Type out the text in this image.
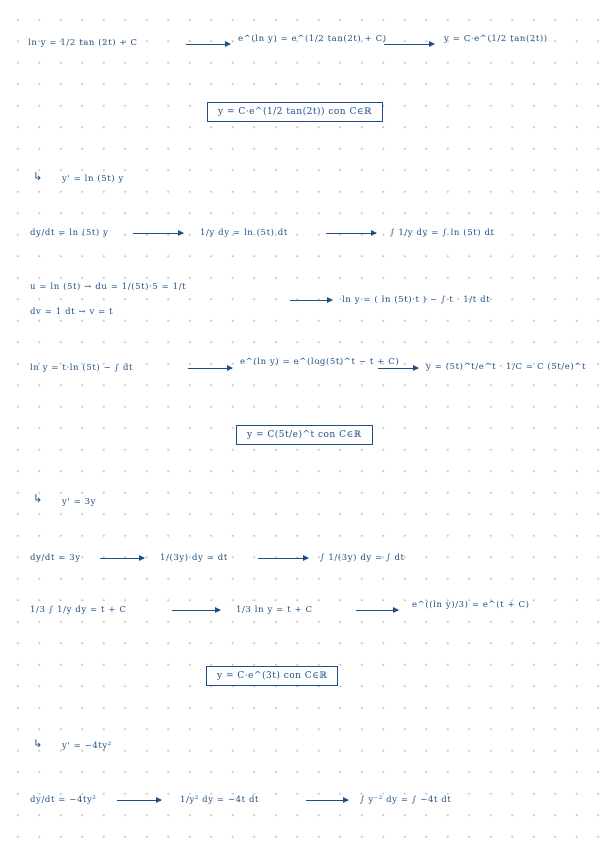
ln y = 1/2 tan (2t) + C	e^(ln y) = e^(1/2 tan(2t) + C)	y = C·e^(1/2 tan(2t))
y = C·e^(1/2 tan(2t)) con C∈ℝ
↳ y' = ln (5t) y
dy/dt = ln (5t) y	1/y dy = ln (5t) dt	∫ 1/y dy = ∫ ln (5t) dt
u = ln (5t) → du = 1/(5t)·5 = 1/t
dv = 1 dt → v = t
ln y = ( ln (5t)·t ) − ∫ t · 1/t dt
ln y = t·ln (5t) − ∫ dt
e^(ln y) = e^(log(5t)^t − t + C)	y = (5t)^t/e^t · 1/C = C (5t/e)^t
y = C(5t/e)^t con C∈ℝ
↳ y' = 3y
dy/dt = 3y	1/(3y) dy = dt	∫ 1/(3y) dy = ∫ dt
1/3 ∫ 1/y dy = t + C	1/3 ln y = t + C	e^((ln y)/3) = e^(t + C)
y = C·e^(3t) con C∈ℝ
↳ y' = −4ty²
dy/dt = −4ty²	1/y² dy = −4t dt	∫ y⁻² dy = ∫ −4t dt
